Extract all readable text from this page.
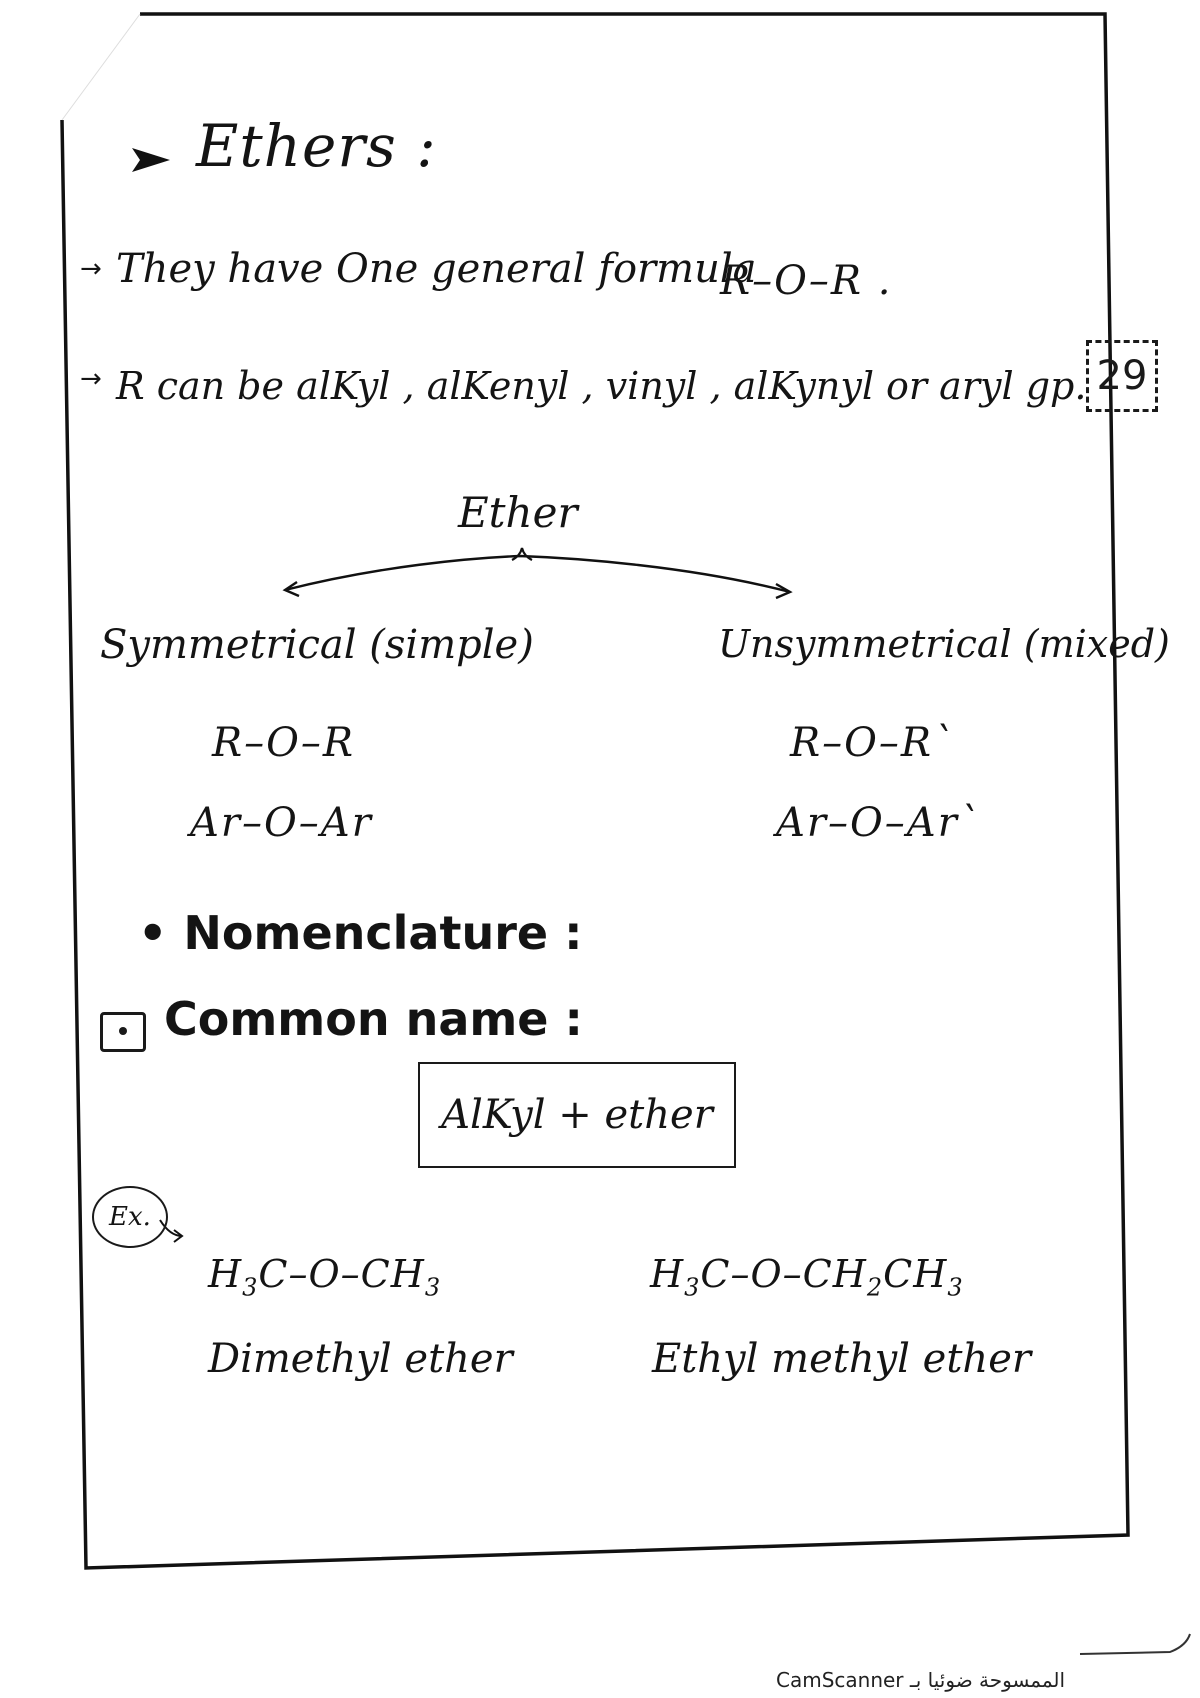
Ethers :
→ They have One general formula
R–O–R .
→ R can be alKyl , alKenyl , vinyl , alKynyl or aryl gp. 29
Ether
Symmetrical (simple)	Unsymmetrical (mixed)
R–O–R
Ar–O–Ar
R–O–R`
Ar–O–Ar`
• Nomenclature :
Common name :
AlKyl + ether
Ex.
$H_3C-O-CH_3$
Dimethyl ether
$H_3C-O-CH_2CH_3$
Ethyl methyl ether
CamScanner الممسوحة ضوئيا بـ
